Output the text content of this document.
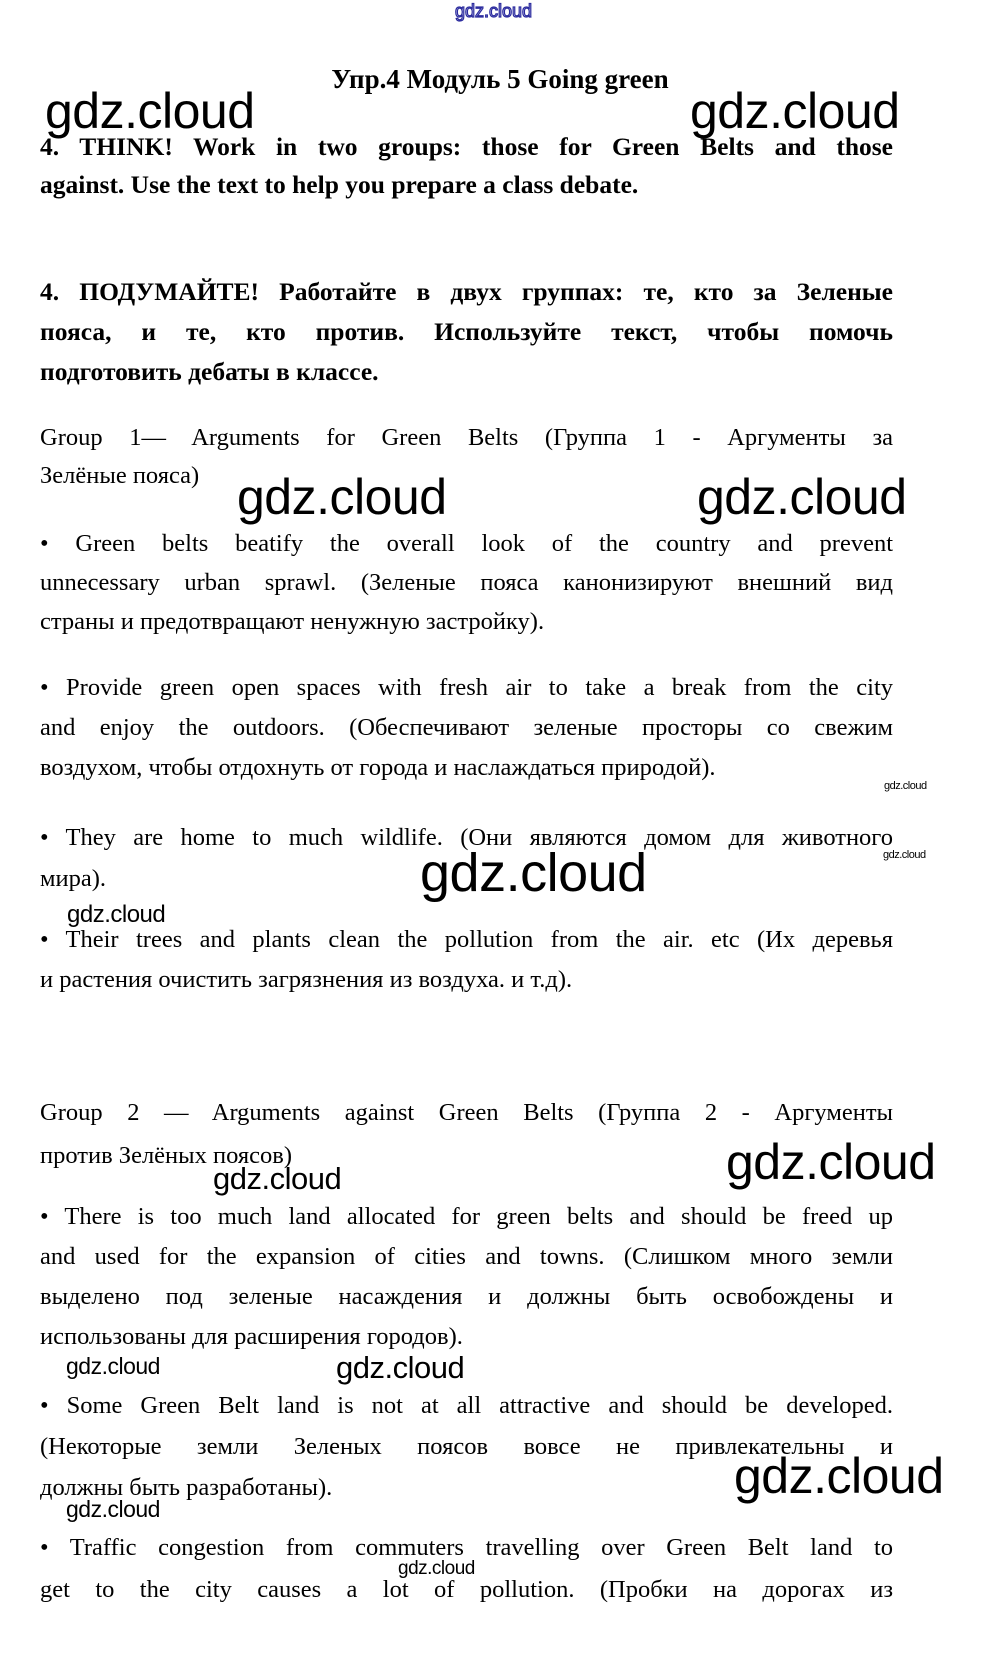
Упр.4 Модуль 5 Going green
4. THINK! Work in two groups: those for Green Belts and those
against. Use the text to help you prepare a class debate.
4. ПОДУМАЙТЕ! Работайте в двух группах: те, кто за Зеленые
пояса, и те, кто против. Используйте текст, чтобы помочь
подготовить дебаты в классе.
Group 1— Arguments for Green Belts (Группа 1 - Аргументы за
Зелёные пояса)
• Green belts beatify the overall look of the country and prevent
unnecessary urban sprawl. (Зеленые пояса канонизируют внешний вид
страны и предотвращают ненужную застройку).
• Provide green open spaces with fresh air to take a break from the city
and enjoy the outdoors. (Обеспечивают зеленые просторы со свежим
воздухом, чтобы отдохнуть от города и наслаждаться природой).
• They are home to much wildlife. (Они являются домом для животного
мира).
• Their trees and plants clean the pollution from the air. etc (Их деревья
и растения очистить загрязнения из воздуха. и т.д).
Group 2 — Arguments against Green Belts (Группа 2 - Аргументы
против Зелёных поясов)
• There is too much land allocated for green belts and should be freed up
and used for the expansion of cities and towns. (Слишком много земли
выделено под зеленые насаждения и должны быть освобождены и
использованы для расширения городов).
• Some Green Belt land is not at all attractive and should be developed.
(Некоторые земли Зеленых поясов вовсе не привлекательны и
должны быть разработаны).
• Traffic congestion from commuters travelling over Green Belt land to
get to the city causes a lot of pollution. (Пробки на дорогах из
gdz.cloud
gdz.cloud	gdz.cloud
gdz.cloud	gdz.cloud
gdz.cloud
gdz.cloud
gdz.cloud
gdz.cloud
gdz.cloud
gdz.cloud
gdz.cloud	gdz.cloud
gdz.cloud
gdz.cloud
gdz.cloud
